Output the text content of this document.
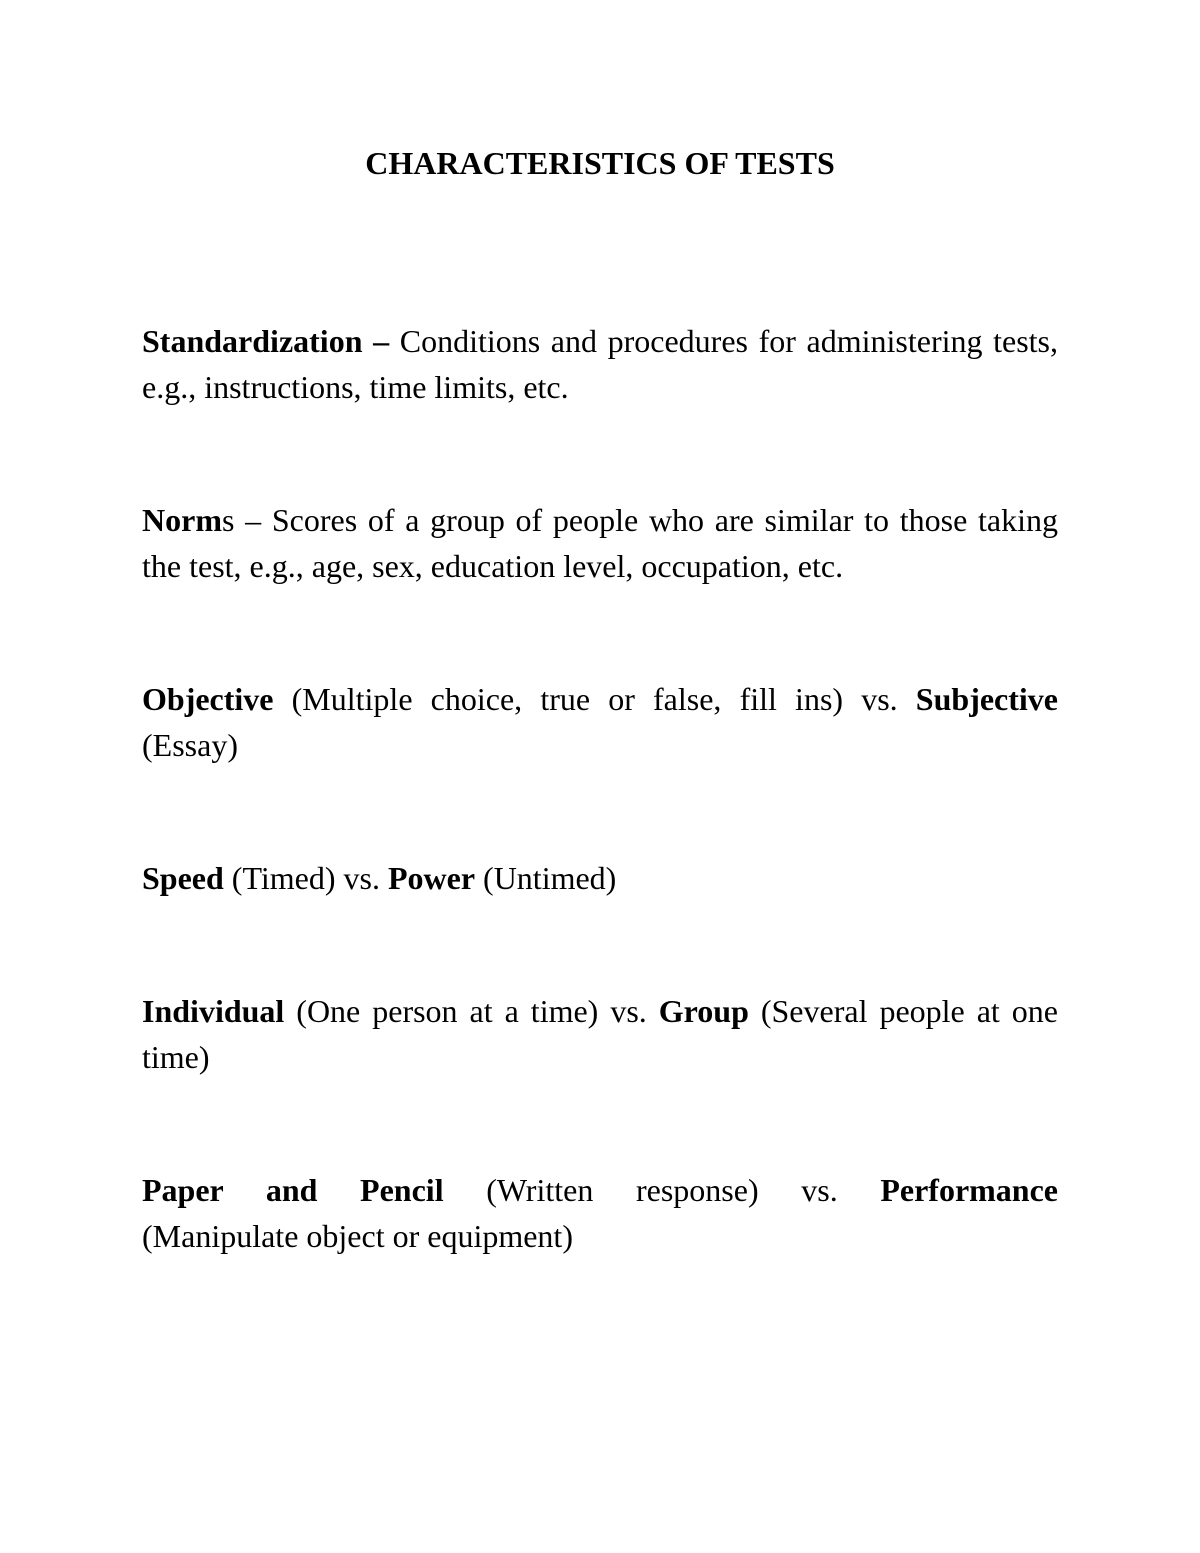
CHARACTERISTICS OF TESTS

Standardization – Conditions and procedures for administering tests, e.g., instructions, time limits, etc.

Norms – Scores of a group of people who are similar to those taking the test, e.g., age, sex, education level, occupation, etc.

Objective (Multiple choice, true or false, fill ins) vs. Subjective (Essay)

Speed (Timed) vs. Power (Untimed)

Individual (One person at a time) vs. Group (Several people at one time)

Paper and Pencil (Written response) vs. Performance
(Manipulate object or equipment)
